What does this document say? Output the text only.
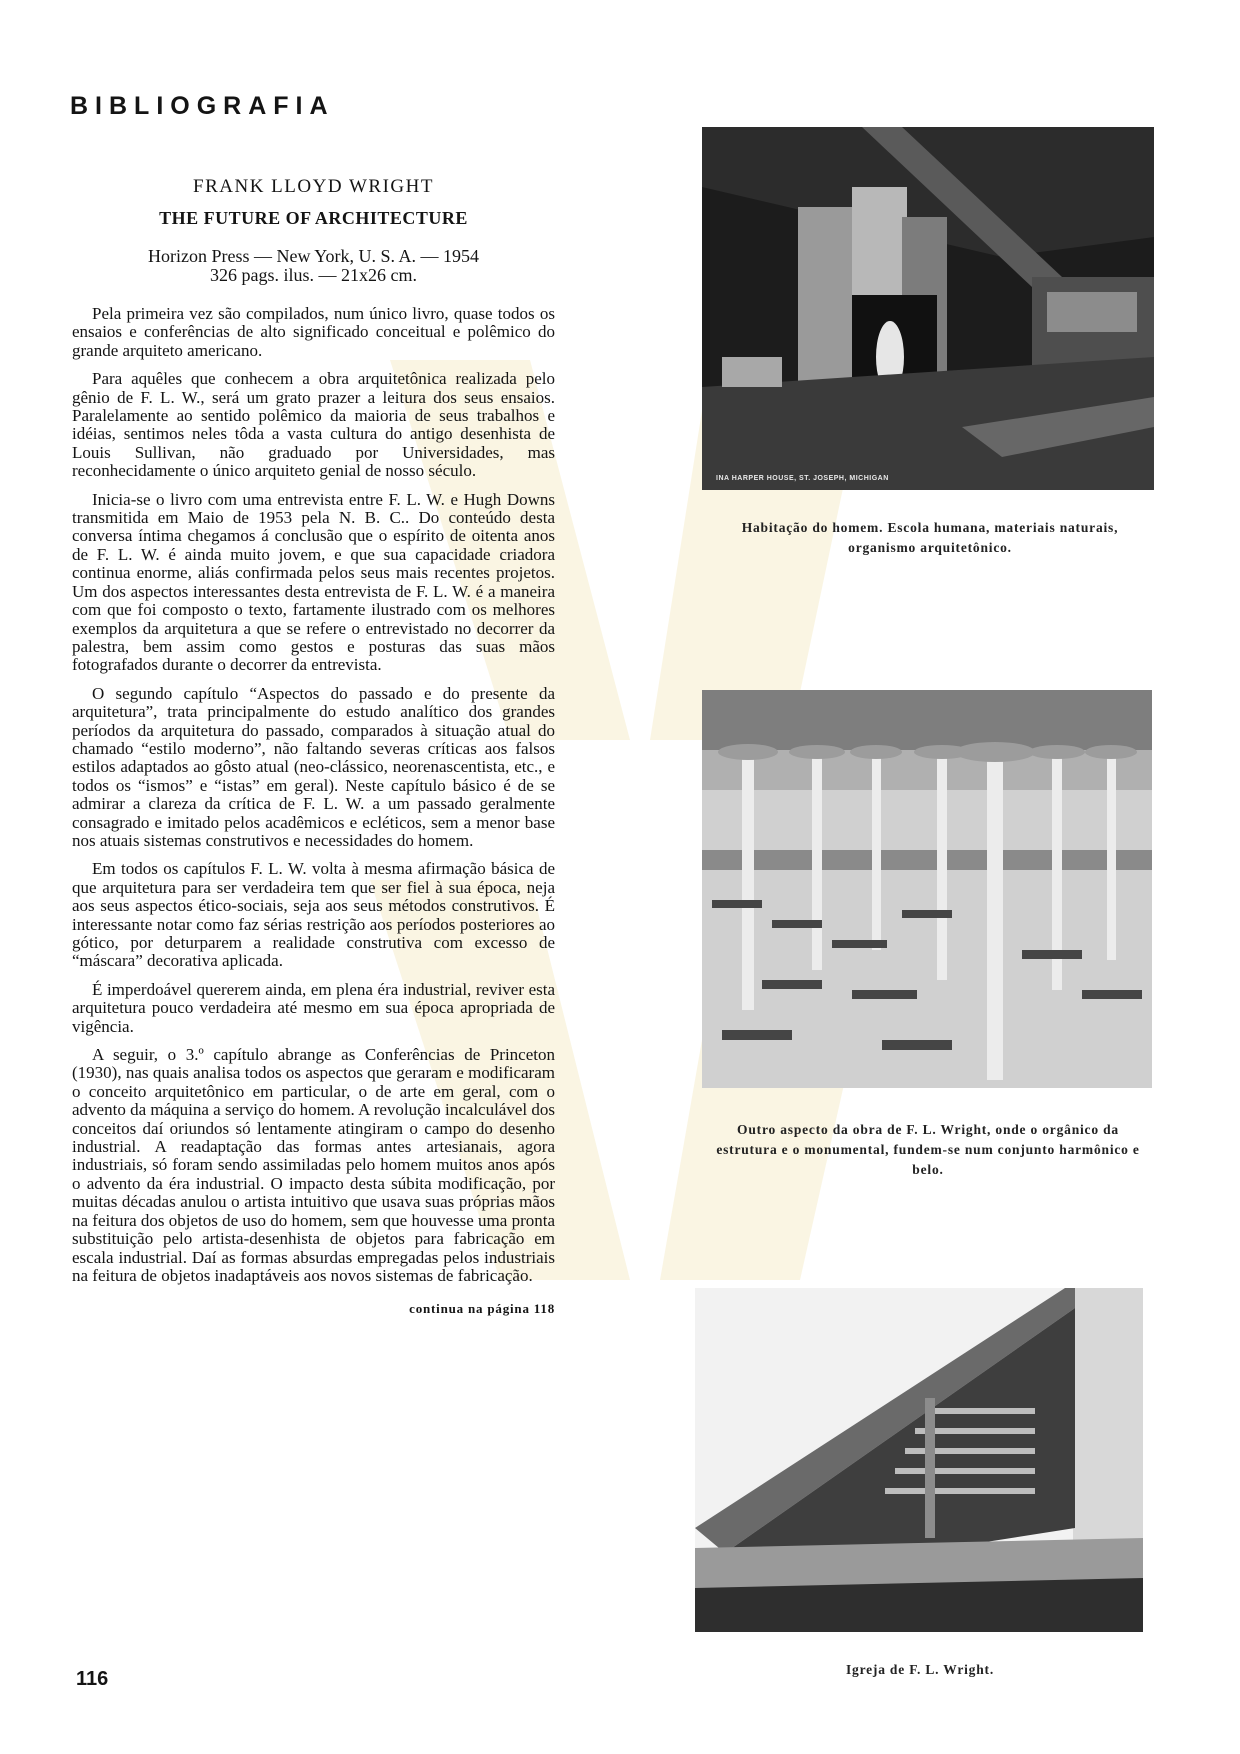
BIBLIOGRAFIA

FRANK LLOYD WRIGHT

THE FUTURE OF ARCHITECTURE

Horizon Press — New York, U. S. A. — 1954
326 pags. ilus. — 21x26 cm.

Pela primeira vez são compilados, num único livro, quase todos os ensaios e conferências de alto significado conceitual e polêmico do grande arquiteto americano.

Para aquêles que conhecem a obra arquitetônica realizada pelo gênio de F. L. W., será um grato prazer a leitura dos seus ensaios. Paralelamente ao sentido polêmico da maioria de seus trabalhos e idéias, sentimos neles tôda a vasta cultura do antigo desenhista de Louis Sullivan, não graduado por Universidades, mas reconhecidamente o único arquiteto genial de nosso século.

Inicia-se o livro com uma entrevista entre F. L. W. e Hugh Downs transmitida em Maio de 1953 pela N. B. C.. Do conteúdo desta conversa íntima chegamos á conclusão que o espírito de oitenta anos de F. L. W. é ainda muito jovem, e que sua capacidade criadora continua enorme, aliás confirmada pelos seus mais recentes projetos. Um dos aspectos interessantes desta entrevista de F. L. W. é a maneira com que foi composto o texto, fartamente ilustrado com os melhores exemplos da arquitetura a que se refere o entrevistado no decorrer da palestra, bem assim como gestos e posturas das suas mãos fotografados durante o decorrer da entrevista.

O segundo capítulo “Aspectos do passado e do presente da arquitetura”, trata principalmente do estudo analítico dos grandes períodos da arquitetura do passado, comparados à situação atual do chamado “estilo moderno”, não faltando severas críticas aos falsos estilos adaptados ao gôsto atual (neo-clássico, neorenascentista, etc., e todos os “ismos” e “istas” em geral). Neste capítulo básico é de se admirar a clareza da crítica de F. L. W. a um passado geralmente consagrado e imitado pelos acadêmicos e ecléticos, sem a menor base nos atuais sistemas construtivos e necessidades do homem.

Em todos os capítulos F. L. W. volta à mesma afirmação básica de que arquitetura para ser verdadeira tem que ser fiel à sua época, neja aos seus aspectos ético-sociais, seja aos seus métodos construtivos. É interessante notar como faz sérias restrição aos períodos posteriores ao gótico, por deturparem a realidade construtiva com excesso de “máscara” decorativa aplicada.

É imperdoável quererem ainda, em plena éra industrial, reviver esta arquitetura pouco verdadeira até mesmo em sua época apropriada de vigência.

A seguir, o 3.º capítulo abrange as Conferências de Princeton (1930), nas quais analisa todos os aspectos que geraram e modificaram o conceito arquitetônico em particular, o de arte em geral, com o advento da máquina a serviço do homem. A revolução incalculável dos conceitos daí oriundos só lentamente atingiram o campo do desenho industrial. A readaptação das formas antes artesianais, agora industriais, só foram sendo assimiladas pelo homem muitos anos após o advento da éra industrial. O impacto desta súbita modificação, por muitas décadas anulou o artista intuitivo que usava suas próprias mãos na feitura dos objetos de uso do homem, sem que houvesse uma pronta substituição pelo artista-desenhista de objetos para fabricação em escala industrial. Daí as formas absurdas empregadas pelos industriais na feitura de objetos inadaptáveis aos novos sistemas de fabricação.

continua na página 118
116
INA HARPER HOUSE, ST. JOSEPH, MICHIGAN
Habitação do homem. Escola humana, materiais naturais, organismo arquitetônico.
Outro aspecto da obra de F. L. Wright, onde o orgânico da estrutura e o monumental, fundem-se num conjunto harmônico e belo.
Igreja de F. L. Wright.
